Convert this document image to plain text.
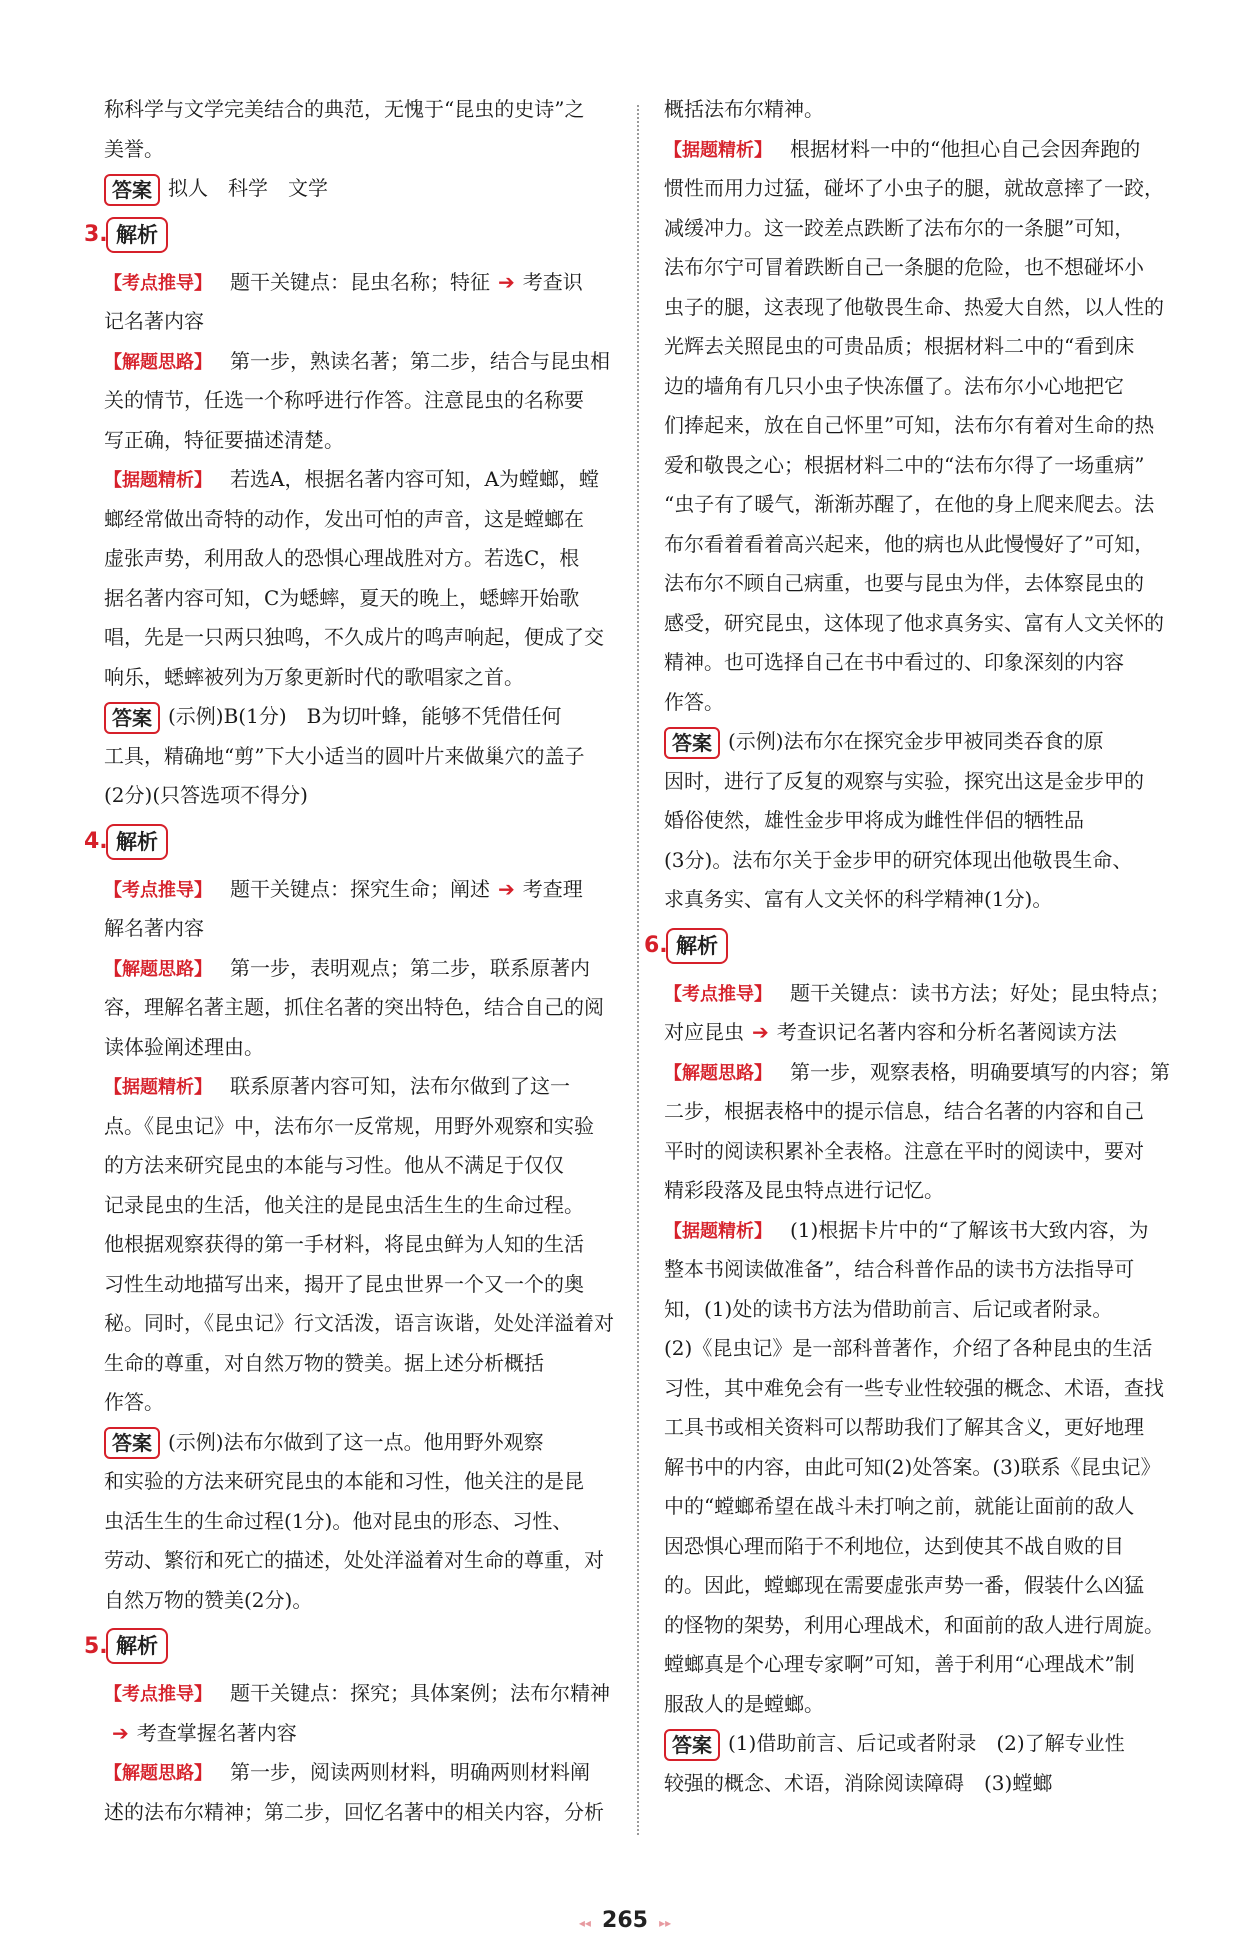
称科学与文学完美结合的典范，无愧于“昆虫的史诗”之

美誉。

答案 拟人　科学　文学

3. 解析

【 考点推导 】 题干关键点：昆虫名称；特征 ➔ 考查识

记名著内容

【 解题思路 】 第一步，熟读名著；第二步，结合与昆虫相

关的情节，任选一个称呼进行作答。注意昆虫的名称要

写正确，特征要描述清楚。

【 据题精析 】 若选A，根据名著内容可知，A为螳螂，螳

螂经常做出奇特的动作，发出可怕的声音，这是螳螂在

虚张声势，利用敌人的恐惧心理战胜对方。若选C，根

据名著内容可知，C为蟋蟀，夏天的晚上，蟋蟀开始歌

唱，先是一只两只独鸣，不久成片的鸣声响起，便成了交

响乐，蟋蟀被列为万象更新时代的歌唱家之首。

答案 (示例)B(1分)　B为切叶蜂，能够不凭借任何

工具，精确地“剪”下大小适当的圆叶片来做巢穴的盖子

(2分)(只答选项不得分)

4. 解析

【 考点推导 】 题干关键点：探究生命；阐述 ➔ 考查理

解名著内容

【 解题思路 】 第一步，表明观点；第二步，联系原著内

容，理解名著主题，抓住名著的突出特色，结合自己的阅

读体验阐述理由。

【 据题精析 】 联系原著内容可知，法布尔做到了这一

点。《昆虫记》中，法布尔一反常规，用野外观察和实验

的方法来研究昆虫的本能与习性。他从不满足于仅仅

记录昆虫的生活，他关注的是昆虫活生生的生命过程。

他根据观察获得的第一手材料，将昆虫鲜为人知的生活

习性生动地描写出来，揭开了昆虫世界一个又一个的奥

秘。同时，《昆虫记》行文活泼，语言诙谐，处处洋溢着对

生命的尊重，对自然万物的赞美。据上述分析概括

作答。

答案 (示例)法布尔做到了这一点。他用野外观察

和实验的方法来研究昆虫的本能和习性，他关注的是昆

虫活生生的生命过程(1分)。他对昆虫的形态、习性、

劳动、繁衍和死亡的描述，处处洋溢着对生命的尊重，对

自然万物的赞美(2分)。

5. 解析

【 考点推导 】 题干关键点：探究；具体案例；法布尔精神

➔ 考查掌握名著内容

【 解题思路 】 第一步，阅读两则材料，明确两则材料阐

述的法布尔精神；第二步，回忆名著中的相关内容，分析

概括法布尔精神。

【 据题精析 】 根据材料一中的“他担心自己会因奔跑的

惯性而用力过猛，碰坏了小虫子的腿，就故意摔了一跤，

减缓冲力。这一跤差点跌断了法布尔的一条腿”可知，

法布尔宁可冒着跌断自己一条腿的危险，也不想碰坏小

虫子的腿，这表现了他敬畏生命、热爱大自然，以人性的

光辉去关照昆虫的可贵品质；根据材料二中的“看到床

边的墙角有几只小虫子快冻僵了。法布尔小心地把它

们捧起来，放在自己怀里”可知，法布尔有着对生命的热

爱和敬畏之心；根据材料二中的“法布尔得了一场重病”

“虫子有了暖气，渐渐苏醒了，在他的身上爬来爬去。法

布尔看着看着高兴起来，他的病也从此慢慢好了”可知，

法布尔不顾自己病重，也要与昆虫为伴，去体察昆虫的

感受，研究昆虫，这体现了他求真务实、富有人文关怀的

精神。也可选择自己在书中看过的、印象深刻的内容

作答。

答案 (示例)法布尔在探究金步甲被同类吞食的原

因时，进行了反复的观察与实验，探究出这是金步甲的

婚俗使然，雄性金步甲将成为雌性伴侣的牺牲品

(3分)。法布尔关于金步甲的研究体现出他敬畏生命、

求真务实、富有人文关怀的科学精神(1分)。

6. 解析

【 考点推导 】 题干关键点：读书方法；好处；昆虫特点；

对应昆虫 ➔ 考查识记名著内容和分析名著阅读方法

【 解题思路 】 第一步，观察表格，明确要填写的内容；第

二步，根据表格中的提示信息，结合名著的内容和自己

平时的阅读积累补全表格。注意在平时的阅读中，要对

精彩段落及昆虫特点进行记忆。

【 据题精析 】 (1)根据卡片中的“了解该书大致内容，为

整本书阅读做准备”，结合科普作品的读书方法指导可

知，(1)处的读书方法为借助前言、后记或者附录。

(2)《昆虫记》是一部科普著作，介绍了各种昆虫的生活

习性，其中难免会有一些专业性较强的概念、术语，查找

工具书或相关资料可以帮助我们了解其含义，更好地理

解书中的内容，由此可知(2)处答案。(3)联系《昆虫记》

中的“螳螂希望在战斗未打响之前，就能让面前的敌人

因恐惧心理而陷于不利地位，达到使其不战自败的目

的。因此，螳螂现在需要虚张声势一番，假装什么凶猛

的怪物的架势，利用心理战术，和面前的敌人进行周旋。

螳螂真是个心理专家啊”可知，善于利用“心理战术”制

服敌人的是螳螂。

答案 (1)借助前言、后记或者附录　(2)了解专业性

较强的概念、术语，消除阅读障碍　(3)螳螂

◂◂ 265 ▸▸
